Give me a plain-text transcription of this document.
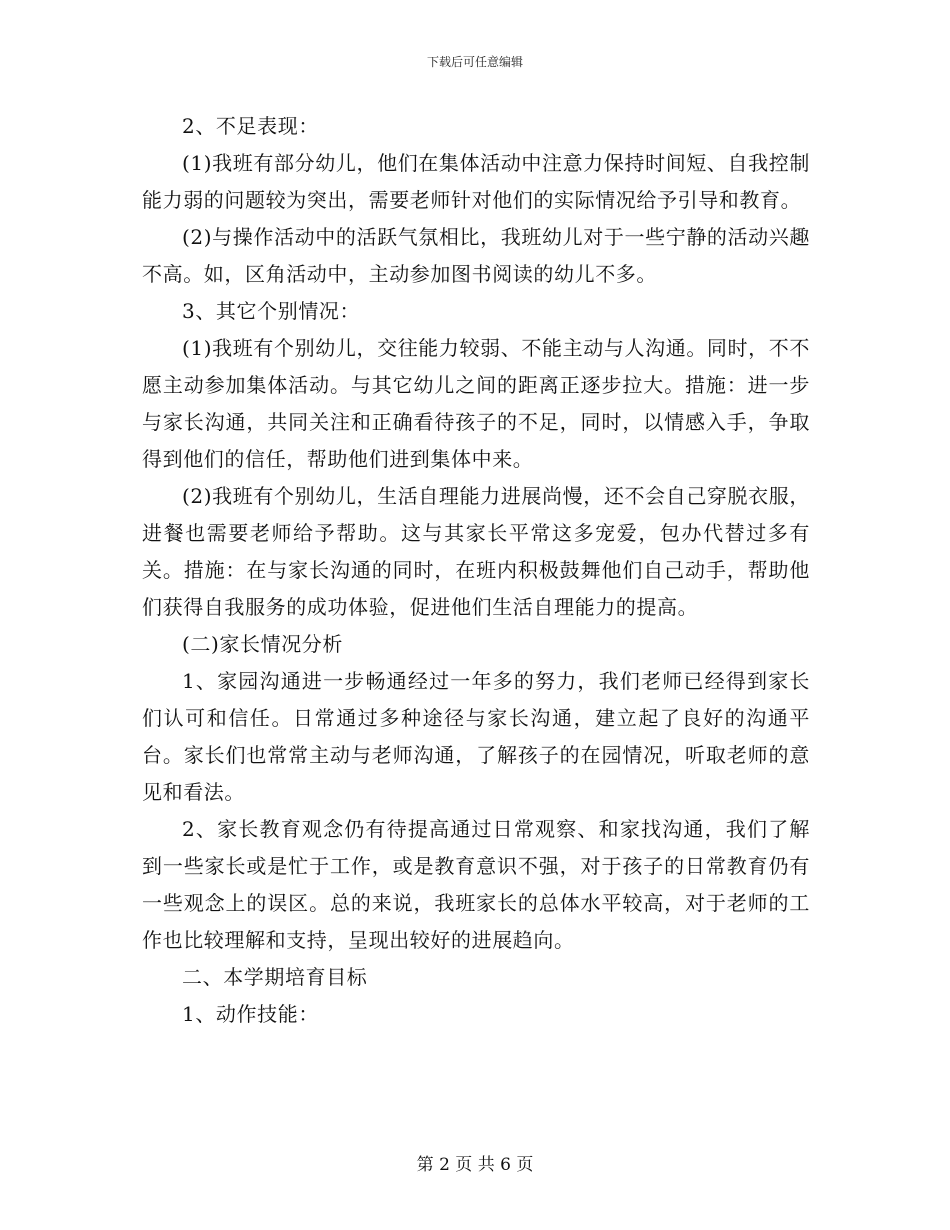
下载后可任意编辑

2、不足表现：

(1)我班有部分幼儿，他们在集体活动中注意力保持时间短、自我控制能力弱的问题较为突出，需要老师针对他们的实际情况给予引导和教育。

(2)与操作活动中的活跃气氛相比，我班幼儿对于一些宁静的活动兴趣不高。如，区角活动中，主动参加图书阅读的幼儿不多。

3、其它个别情况：

(1)我班有个别幼儿，交往能力较弱、不能主动与人沟通。同时，不不愿主动参加集体活动。与其它幼儿之间的距离正逐步拉大。措施：进一步与家长沟通，共同关注和正确看待孩子的不足，同时，以情感入手，争取得到他们的信任，帮助他们进到集体中来。

(2)我班有个别幼儿，生活自理能力进展尚慢，还不会自己穿脱衣服，进餐也需要老师给予帮助。这与其家长平常这多宠爱，包办代替过多有关。措施：在与家长沟通的同时，在班内积极鼓舞他们自己动手，帮助他们获得自我服务的成功体验，促进他们生活自理能力的提高。

(二)家长情况分析

1、家园沟通进一步畅通经过一年多的努力，我们老师已经得到家长们认可和信任。日常通过多种途径与家长沟通，建立起了良好的沟通平台。家长们也常常主动与老师沟通，了解孩子的在园情况，听取老师的意见和看法。

2、家长教育观念仍有待提高通过日常观察、和家找沟通，我们了解到一些家长或是忙于工作，或是教育意识不强，对于孩子的日常教育仍有一些观念上的误区。总的来说，我班家长的总体水平较高，对于老师的工作也比较理解和支持，呈现出较好的进展趋向。

二、本学期培育目标

1、动作技能：

第 2 页 共 6 页
